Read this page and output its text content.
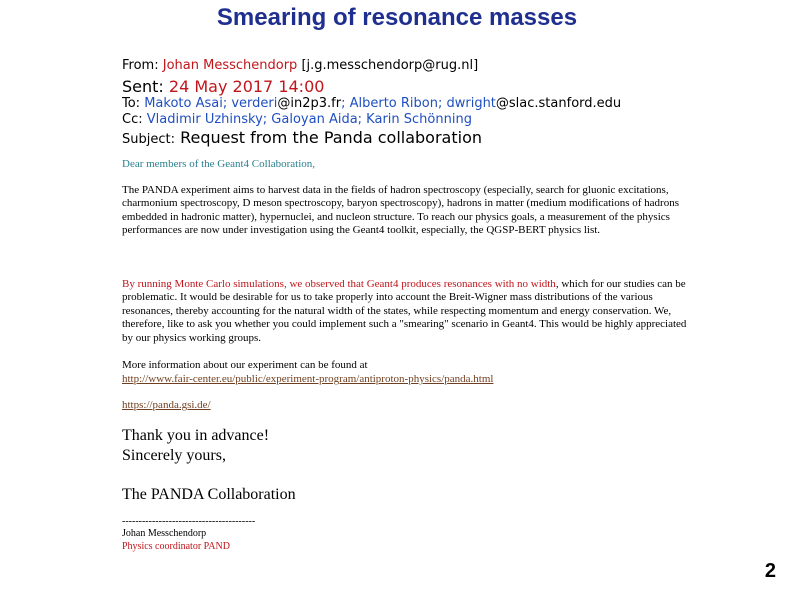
Smearing of resonance masses
From: Johan Messchendorp [j.g.messchendorp@rug.nl]
Sent: 24 May 2017 14:00
To: Makoto Asai; verderi@in2p3.fr; Alberto Ribon; dwright@slac.stanford.edu
Cc: Vladimir Uzhinsky; Galoyan Aida; Karin Schönning
Subject: Request from the Panda collaboration
Dear members of the Geant4 Collaboration,
The PANDA experiment aims to harvest data in the fields of hadron spectroscopy (especially, search for gluonic excitations, charmonium spectroscopy, D meson spectroscopy, baryon spectroscopy), hadrons in matter (medium modifications of hadrons embedded in hadronic matter), hypernuclei, and nucleon structure. To reach our physics goals, a measurement of the physics performances are now under investigation using the Geant4 toolkit, especially, the QGSP-BERT physics list.
By running Monte Carlo simulations, we observed that Geant4 produces resonances with no width, which for our studies can be problematic. It would be desirable for us to take properly into account the Breit-Wigner mass distributions of the various resonances, thereby accounting for the natural width of the states, while respecting momentum and energy conservation. We, therefore, like to ask you whether you could implement such a "smearing" scenario in Geant4. This would be highly appreciated by our physics working groups.
More information about our experiment can be found at
http://www.fair-center.eu/public/experiment-program/antiproton-physics/panda.html
https://panda.gsi.de/
Thank you in advance!
Sincerely yours,
The PANDA Collaboration
----------------------------------------
Johan Messchendorp
Physics coordinator PAND
2
